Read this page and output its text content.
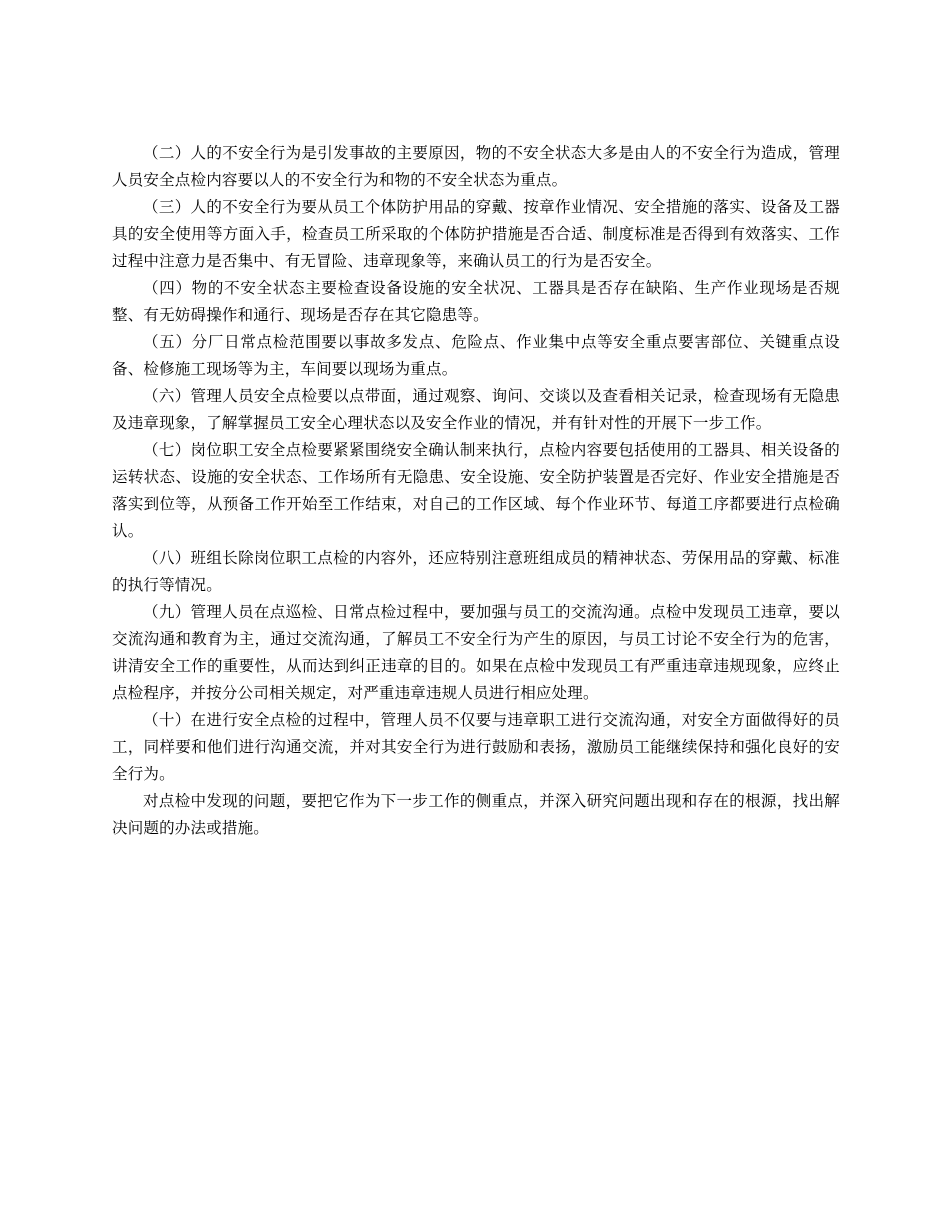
（二）人的不安全行为是引发事故的主要原因，物的不安全状态大多是由人的不安全行为造成，管理人员安全点检内容要以人的不安全行为和物的不安全状态为重点。

（三）人的不安全行为要从员工个体防护用品的穿戴、按章作业情况、安全措施的落实、设备及工器具的安全使用等方面入手，检查员工所采取的个体防护措施是否合适、制度标准是否得到有效落实、工作过程中注意力是否集中、有无冒险、违章现象等，来确认员工的行为是否安全。

（四）物的不安全状态主要检查设备设施的安全状况、工器具是否存在缺陷、生产作业现场是否规整、有无妨碍操作和通行、现场是否存在其它隐患等。

（五）分厂日常点检范围要以事故多发点、危险点、作业集中点等安全重点要害部位、关键重点设备、检修施工现场等为主，车间要以现场为重点。

（六）管理人员安全点检要以点带面，通过观察、询问、交谈以及查看相关记录，检查现场有无隐患及违章现象，了解掌握员工安全心理状态以及安全作业的情况，并有针对性的开展下一步工作。

（七）岗位职工安全点检要紧紧围绕安全确认制来执行，点检内容要包括使用的工器具、相关设备的运转状态、设施的安全状态、工作场所有无隐患、安全设施、安全防护装置是否完好、作业安全措施是否落实到位等，从预备工作开始至工作结束，对自己的工作区域、每个作业环节、每道工序都要进行点检确认。

（八）班组长除岗位职工点检的内容外，还应特别注意班组成员的精神状态、劳保用品的穿戴、标准的执行等情况。

（九）管理人员在点巡检、日常点检过程中，要加强与员工的交流沟通。点检中发现员工违章，要以交流沟通和教育为主，通过交流沟通，了解员工不安全行为产生的原因，与员工讨论不安全行为的危害，讲清安全工作的重要性，从而达到纠正违章的目的。如果在点检中发现员工有严重违章违规现象，应终止点检程序，并按分公司相关规定，对严重违章违规人员进行相应处理。

（十）在进行安全点检的过程中，管理人员不仅要与违章职工进行交流沟通，对安全方面做得好的员工，同样要和他们进行沟通交流，并对其安全行为进行鼓励和表扬，激励员工能继续保持和强化良好的安全行为。

对点检中发现的问题，要把它作为下一步工作的侧重点，并深入研究问题出现和存在的根源，找出解决问题的办法或措施。
